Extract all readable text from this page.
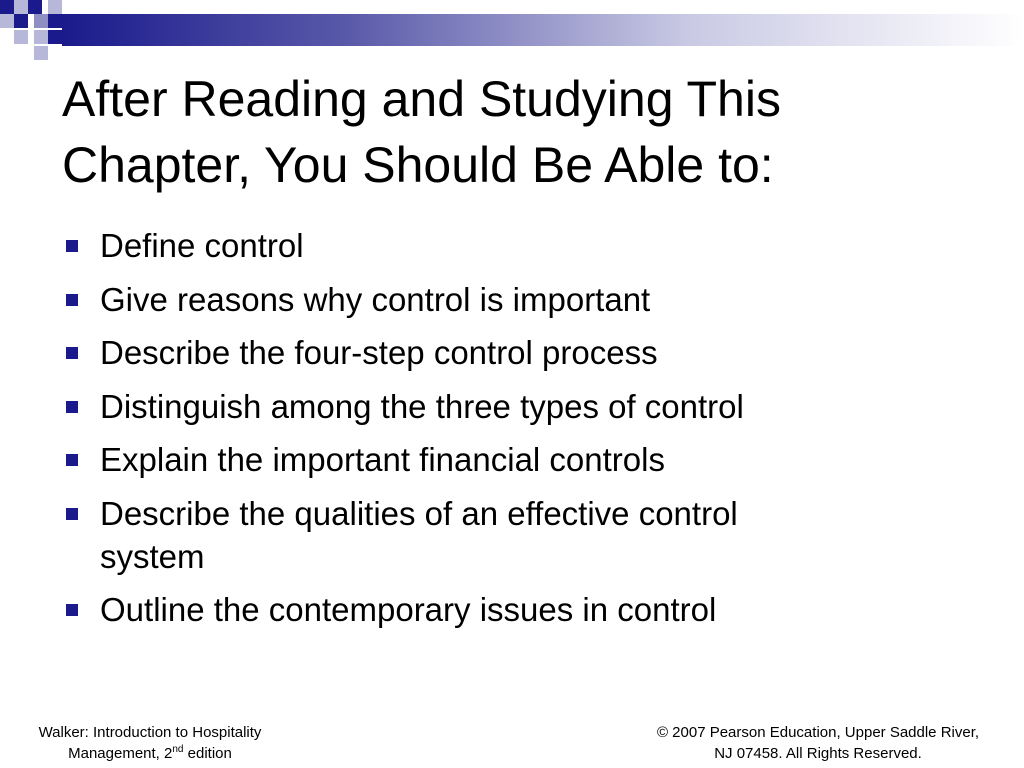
After Reading and Studying This
Chapter, You Should Be Able to:
Define control
Give reasons why control is important
Describe the four-step control process
Distinguish among the three types of control
Explain the important financial controls
Describe the qualities of an effective control
system
Outline the contemporary issues in control
Walker: Introduction to Hospitality
Management, 2nd edition
© 2007 Pearson Education, Upper Saddle River,
NJ 07458. All Rights Reserved.
